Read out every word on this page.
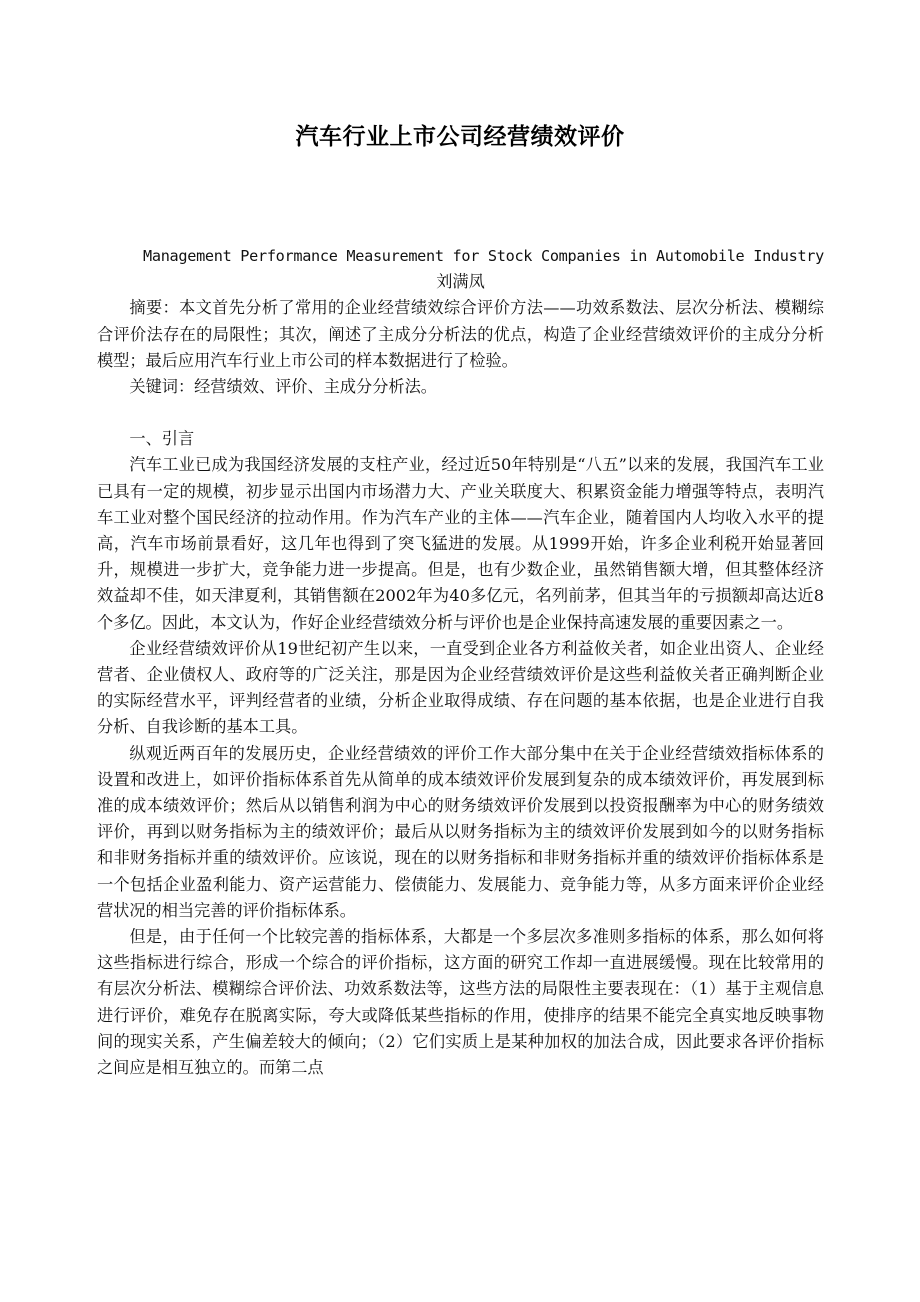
汽车行业上市公司经营绩效评价

Management Performance Measurement for Stock Companies in Automobile Industry

刘满凤

摘要：本文首先分析了常用的企业经营绩效综合评价方法——功效系数法、层次分析法、模糊综合评价法存在的局限性；其次，阐述了主成分分析法的优点，构造了企业经营绩效评价的主成分分析模型；最后应用汽车行业上市公司的样本数据进行了检验。

关键词：经营绩效、评价、主成分分析法。

一、引言

汽车工业已成为我国经济发展的支柱产业，经过近50年特别是“八五”以来的发展，我国汽车工业已具有一定的规模，初步显示出国内市场潜力大、产业关联度大、积累资金能力增强等特点，表明汽车工业对整个国民经济的拉动作用。作为汽车产业的主体——汽车企业，随着国内人均收入水平的提高，汽车市场前景看好，这几年也得到了突飞猛进的发展。从1999开始，许多企业利税开始显著回升，规模进一步扩大，竞争能力进一步提高。但是，也有少数企业，虽然销售额大增，但其整体经济效益却不佳，如天津夏利，其销售额在2002年为40多亿元，名列前茅，但其当年的亏损额却高达近8个多亿。因此，本文认为，作好企业经营绩效分析与评价也是企业保持高速发展的重要因素之一。

企业经营绩效评价从19世纪初产生以来，一直受到企业各方利益攸关者，如企业出资人、企业经营者、企业债权人、政府等的广泛关注，那是因为企业经营绩效评价是这些利益攸关者正确判断企业的实际经营水平，评判经营者的业绩，分析企业取得成绩、存在问题的基本依据，也是企业进行自我分析、自我诊断的基本工具。

纵观近两百年的发展历史，企业经营绩效的评价工作大部分集中在关于企业经营绩效指标体系的设置和改进上，如评价指标体系首先从简单的成本绩效评价发展到复杂的成本绩效评价，再发展到标准的成本绩效评价；然后从以销售利润为中心的财务绩效评价发展到以投资报酬率为中心的财务绩效评价，再到以财务指标为主的绩效评价；最后从以财务指标为主的绩效评价发展到如今的以财务指标和非财务指标并重的绩效评价。应该说，现在的以财务指标和非财务指标并重的绩效评价指标体系是一个包括企业盈利能力、资产运营能力、偿债能力、发展能力、竞争能力等，从多方面来评价企业经营状况的相当完善的评价指标体系。

但是，由于任何一个比较完善的指标体系，大都是一个多层次多准则多指标的体系，那么如何将这些指标进行综合，形成一个综合的评价指标，这方面的研究工作却一直进展缓慢。现在比较常用的有层次分析法、模糊综合评价法、功效系数法等，这些方法的局限性主要表现在：（1）基于主观信息进行评价，难免存在脱离实际，夸大或降低某些指标的作用，使排序的结果不能完全真实地反映事物间的现实关系，产生偏差较大的倾向；（2）它们实质上是某种加权的加法合成，因此要求各评价指标之间应是相互独立的。而第二点
